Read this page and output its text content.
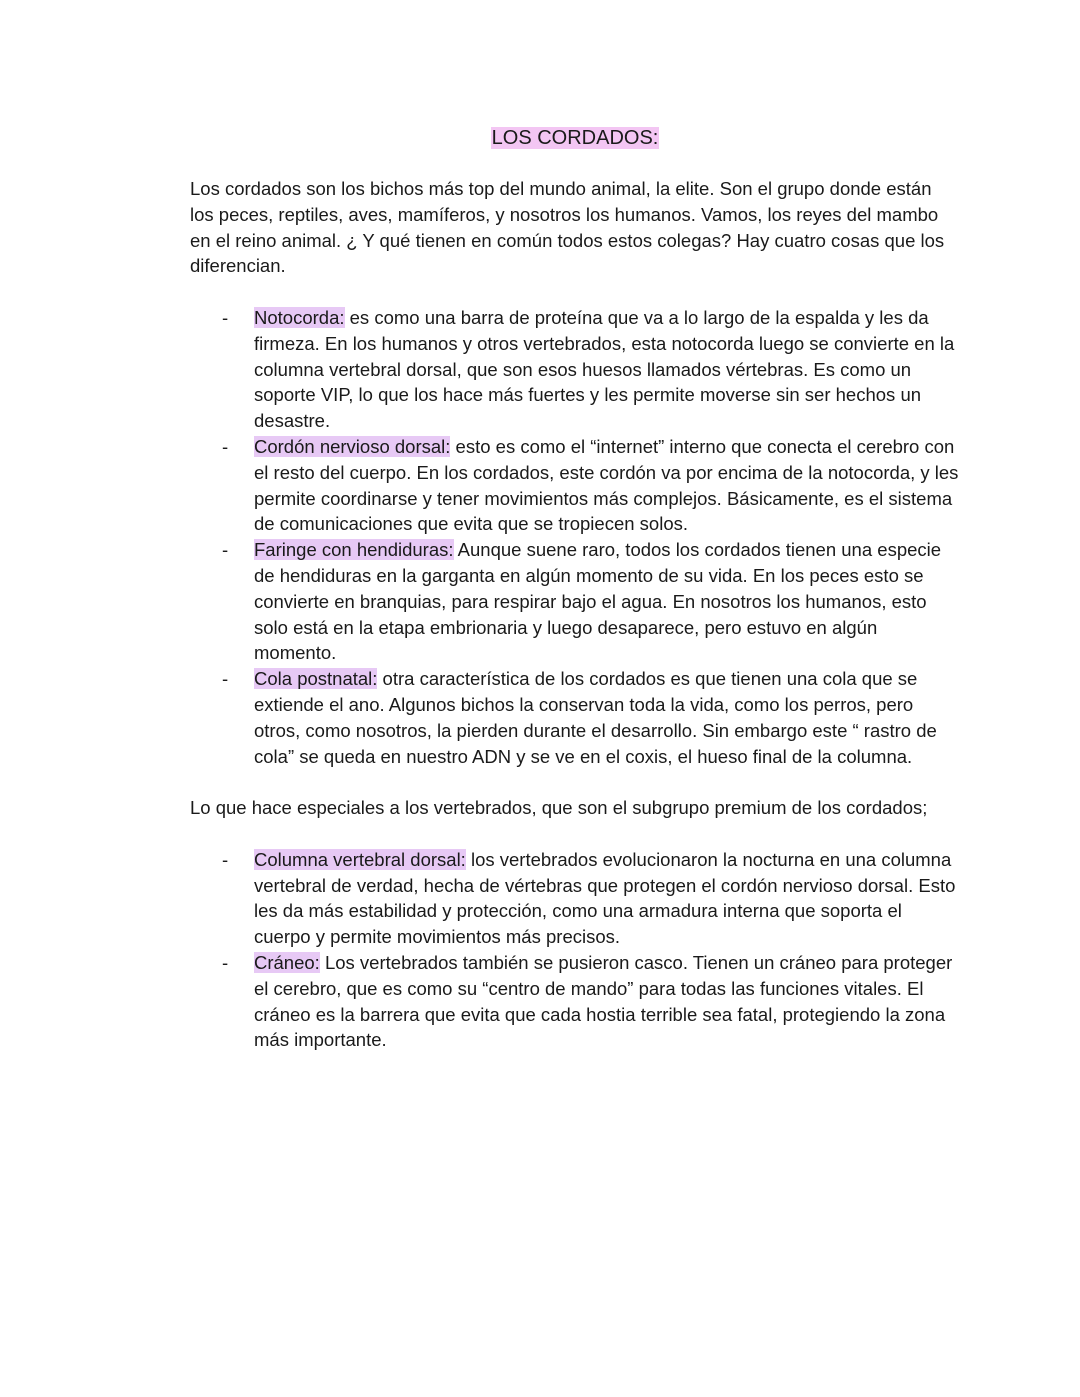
LOS CORDADOS:

Los cordados son los bichos más top del mundo animal, la elite. Son el grupo donde están los peces, reptiles, aves, mamíferos, y nosotros los humanos. Vamos, los reyes del mambo en el reino animal. ¿ Y qué tienen en común todos estos colegas? Hay cuatro cosas que los diferencian.

- Notocorda: es como una barra de proteína que va a lo largo de la espalda y les da firmeza. En los humanos y otros vertebrados, esta notocorda luego se convierte en la columna vertebral dorsal, que son esos huesos llamados vértebras. Es como un soporte VIP, lo que los hace más fuertes y les permite moverse sin ser hechos un desastre.
- Cordón nervioso dorsal: esto es como el “internet” interno que conecta el cerebro con el resto del cuerpo. En los cordados, este cordón va por encima de la notocorda, y les permite coordinarse y tener movimientos más complejos. Básicamente, es el sistema de comunicaciones que evita que se tropiecen solos.
- Faringe con hendiduras: Aunque suene raro, todos los cordados tienen una especie de hendiduras en la garganta en algún momento de su vida. En los peces esto se convierte en branquias, para respirar bajo el agua. En nosotros los humanos, esto solo está en la etapa embrionaria y luego desaparece, pero estuvo en algún momento.
- Cola postnatal: otra característica de los cordados es que tienen una cola que se extiende el ano. Algunos bichos la conservan toda la vida, como los perros, pero otros, como nosotros, la pierden durante el desarrollo. Sin embargo este “ rastro de cola” se queda en nuestro ADN y se ve en el coxis, el hueso final de la columna.

Lo que hace especiales a los vertebrados, que son el subgrupo premium de los cordados;

- Columna vertebral dorsal: los vertebrados evolucionaron la nocturna en una columna vertebral de verdad, hecha de vértebras que protegen el cordón nervioso dorsal. Esto les da más estabilidad y protección, como una armadura interna que soporta el cuerpo y permite movimientos más precisos.
- Cráneo: Los vertebrados también se pusieron casco. Tienen un cráneo para proteger el cerebro, que es como su “centro de mando” para todas las funciones vitales. El cráneo es la barrera que evita que cada hostia terrible sea fatal, protegiendo la zona más importante.
